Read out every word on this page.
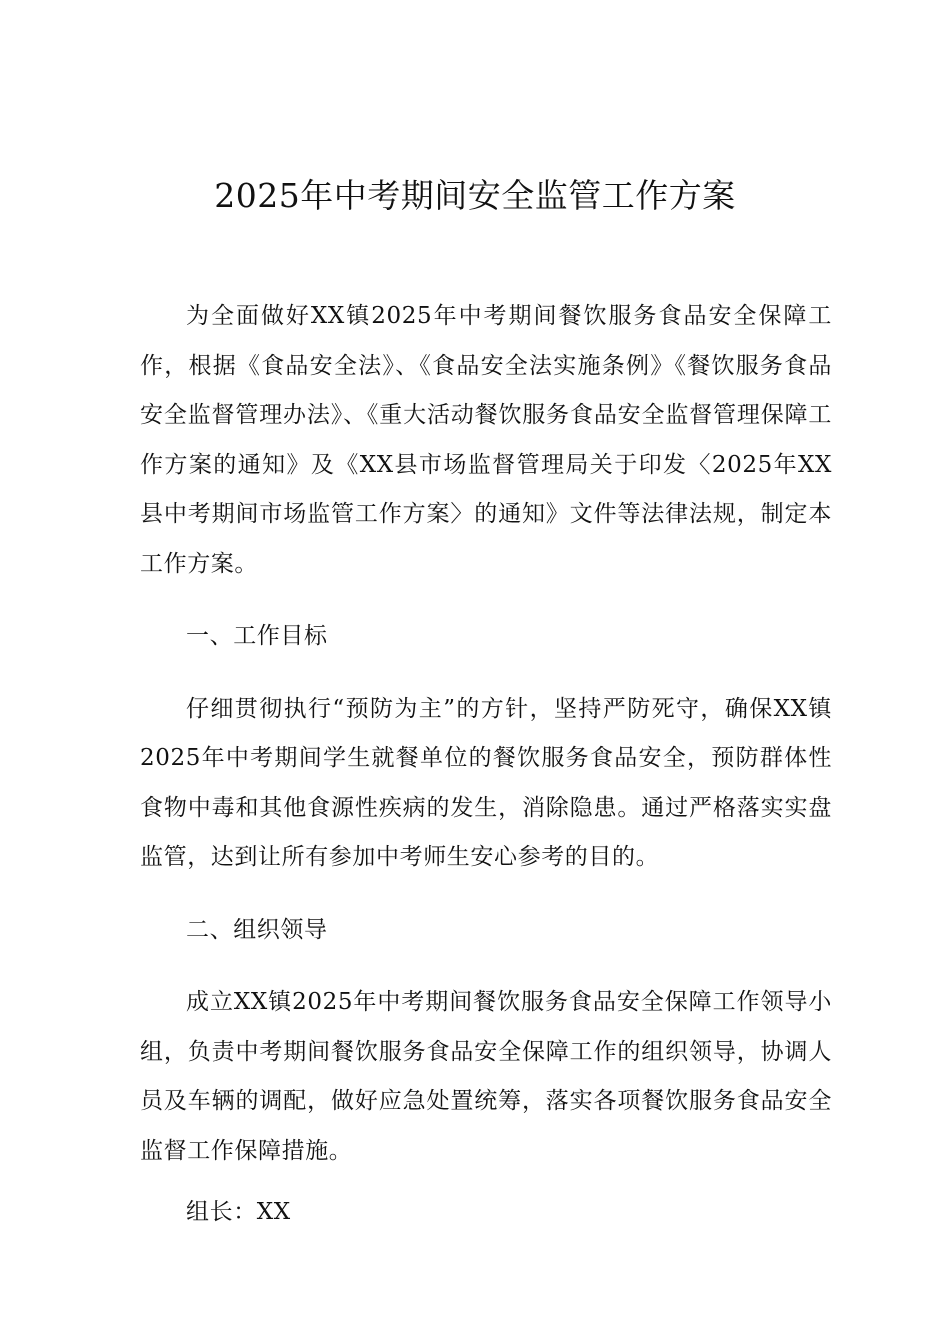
2025年中考期间安全监管工作方案

为全面做好XX镇2025年中考期间餐饮服务食品安全保障工作，根据《食品安全法》、《食品安全法实施条例》《餐饮服务食品安全监督管理办法》、《重大活动餐饮服务食品安全监督管理保障工作方案的通知》及《XX县市场监督管理局关于印发〈2025年XX县中考期间市场监管工作方案〉的通知》文件等法律法规，制定本工作方案。

一、工作目标

仔细贯彻执行“预防为主”的方针，坚持严防死守，确保XX镇2025年中考期间学生就餐单位的餐饮服务食品安全，预防群体性食物中毒和其他食源性疾病的发生，消除隐患。通过严格落实实盘监管，达到让所有参加中考师生安心参考的目的。

二、组织领导

成立XX镇2025年中考期间餐饮服务食品安全保障工作领导小组，负责中考期间餐饮服务食品安全保障工作的组织领导，协调人员及车辆的调配，做好应急处置统筹，落实各项餐饮服务食品安全监督工作保障措施。

组长：XX
